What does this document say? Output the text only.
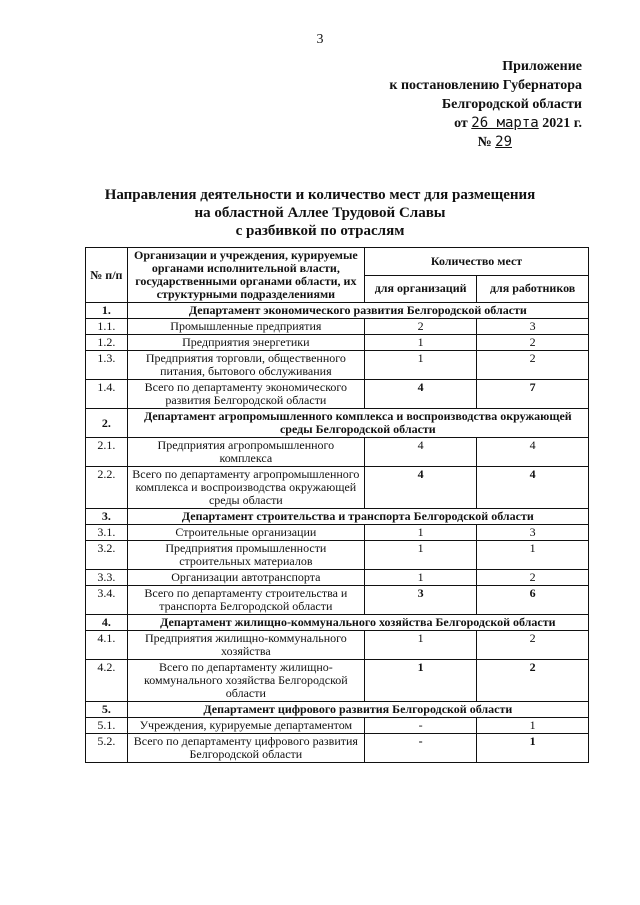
3
Приложение
к постановлению Губернатора
Белгородской области
от 26 марта 2021 г.
№ 29
Направления деятельности и количество мест для размещения
на областной Аллее Трудовой Славы
с разбивкой по отраслям
№ п/п	Организации и учреждения, курируемые органами исполнительной власти, государственными органами области, их структурными подразделениями	Количество мест	
		для организаций	для работников
1.	Департамент экономического развития Белгородской области		
1.1.	Промышленные предприятия	2	3
1.2.	Предприятия энергетики	1	2
1.3.	Предприятия торговли, общественного питания, бытового обслуживания	1	2
1.4.	Всего по департаменту экономического развития Белгородской области	4	7
2.	Департамент агропромышленного комплекса и воспроизводства окружающей среды Белгородской области		
2.1.	Предприятия агропромышленного комплекса	4	4
2.2.	Всего по департаменту агропромышленного комплекса и воспроизводства окружающей среды области	4	4
3.	Департамент строительства и транспорта Белгородской области		
3.1.	Строительные организации	1	3
3.2.	Предприятия промышленности строительных материалов	1	1
3.3.	Организации автотранспорта	1	2
3.4.	Всего по департаменту строительства и транспорта Белгородской области	3	6
4.	Департамент жилищно-коммунального хозяйства Белгородской области		
4.1.	Предприятия жилищно-коммунального хозяйства	1	2
4.2.	Всего по департаменту жилищно-коммунального хозяйства Белгородской области	1	2
5.	Департамент цифрового развития Белгородской области		
5.1.	Учреждения, курируемые департаментом	-	1
5.2.	Всего по департаменту цифрового развития Белгородской области	-	1
